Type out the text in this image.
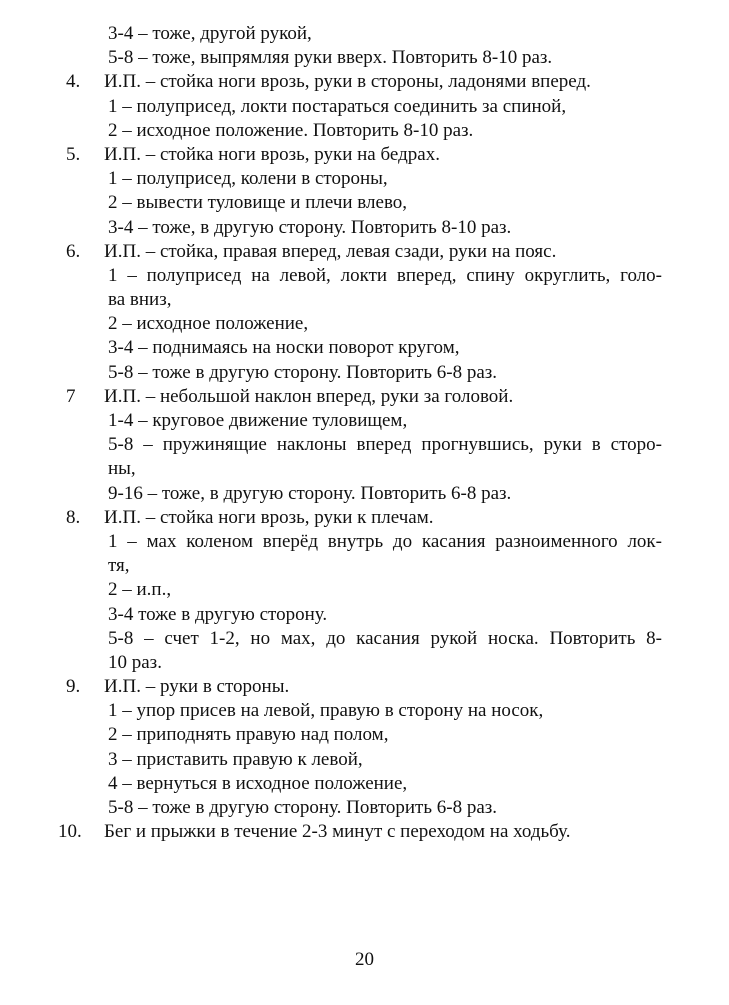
3-4 – тоже, другой рукой,
5-8 – тоже, выпрямляя руки вверх. Повторить 8-10 раз.
4.	И.П. – стойка ноги врозь, руки в стороны, ладонями вперед.
1 – полуприсед, локти постараться соединить за спиной,
2 – исходное положение. Повторить 8-10 раз.
5.	И.П. – стойка ноги врозь, руки на бедрах.
1 – полуприсед, колени в стороны,
2 – вывести туловище и плечи влево,
3-4 – тоже, в другую сторону. Повторить 8-10 раз.
6.	И.П. – стойка, правая вперед, левая сзади, руки на пояс.
1 – полуприсед на левой, локти вперед, спину округлить, голо-
ва вниз,
2 – исходное положение,
3-4 – поднимаясь на носки поворот кругом,
5-8 – тоже в другую сторону. Повторить 6-8 раз.
7	И.П. – небольшой наклон вперед, руки за головой.
1-4 – круговое движение туловищем,
5-8 – пружинящие наклоны вперед прогнувшись, руки в сторо-
ны,
9-16 – тоже, в другую сторону. Повторить 6-8 раз.
8.	И.П. – стойка ноги врозь, руки к плечам.
1 – мах коленом вперёд внутрь до касания разноименного лок-
тя,
2 – и.п.,
3-4 тоже в другую сторону.
5-8 – счет 1-2, но мах, до касания рукой носка. Повторить 8-
10 раз.
9.	И.П. – руки в стороны.
1 – упор присев на левой, правую в сторону на носок,
2 – приподнять правую над полом,
3 – приставить правую к левой,
4 – вернуться в исходное положение,
5-8 – тоже в другую сторону. Повторить 6-8 раз.
10.	Бег и прыжки в течение 2-3 минут с переходом на ходьбу.
20
